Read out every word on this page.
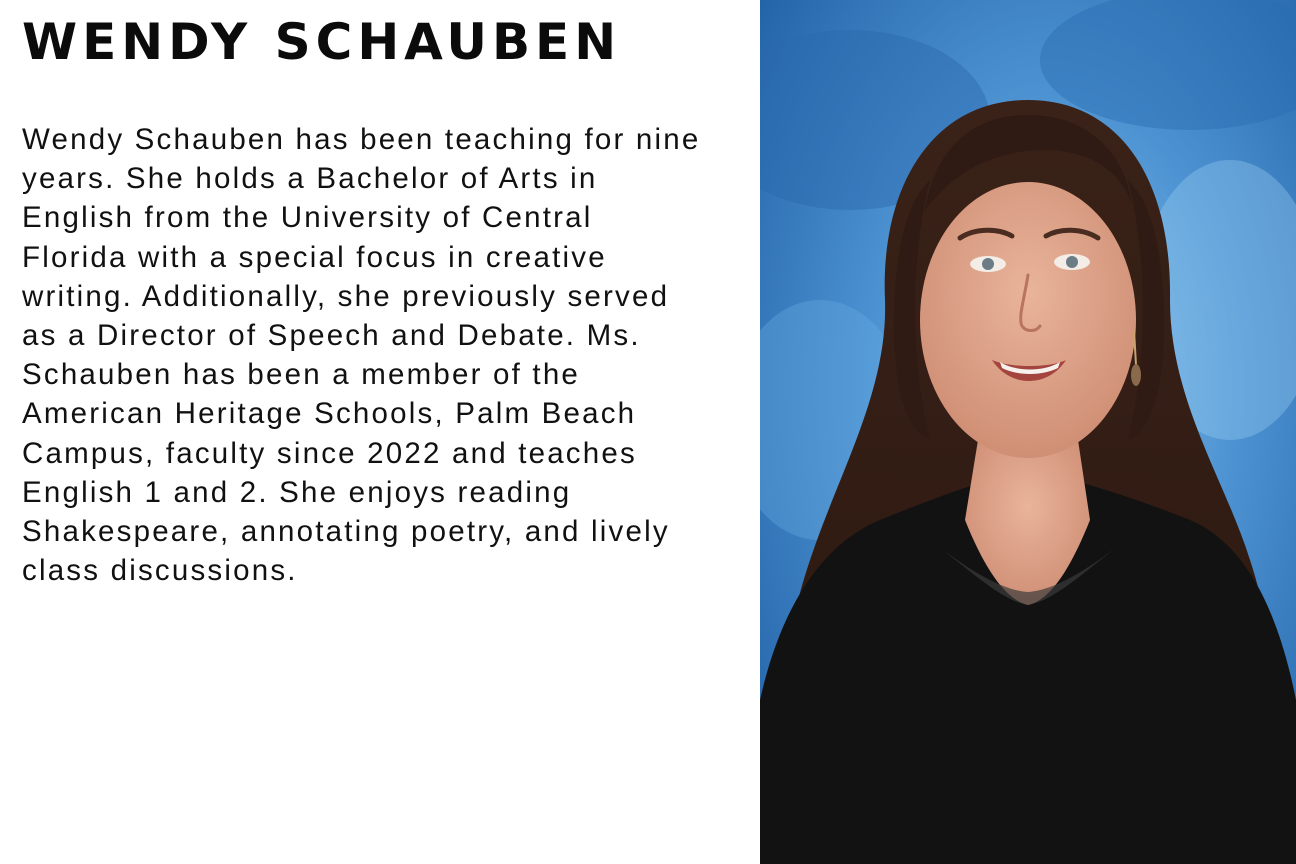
WENDY SCHAUBEN

Wendy Schauben has been teaching for nine
years. She holds a Bachelor of Arts in
English from the University of Central
Florida with a special focus in creative
writing. Additionally, she previously served
as a Director of Speech and Debate. Ms.
Schauben has been a member of the
American Heritage Schools, Palm Beach
Campus, faculty since 2022 and teaches
English 1 and 2. She enjoys reading
Shakespeare, annotating poetry, and lively
class discussions.
